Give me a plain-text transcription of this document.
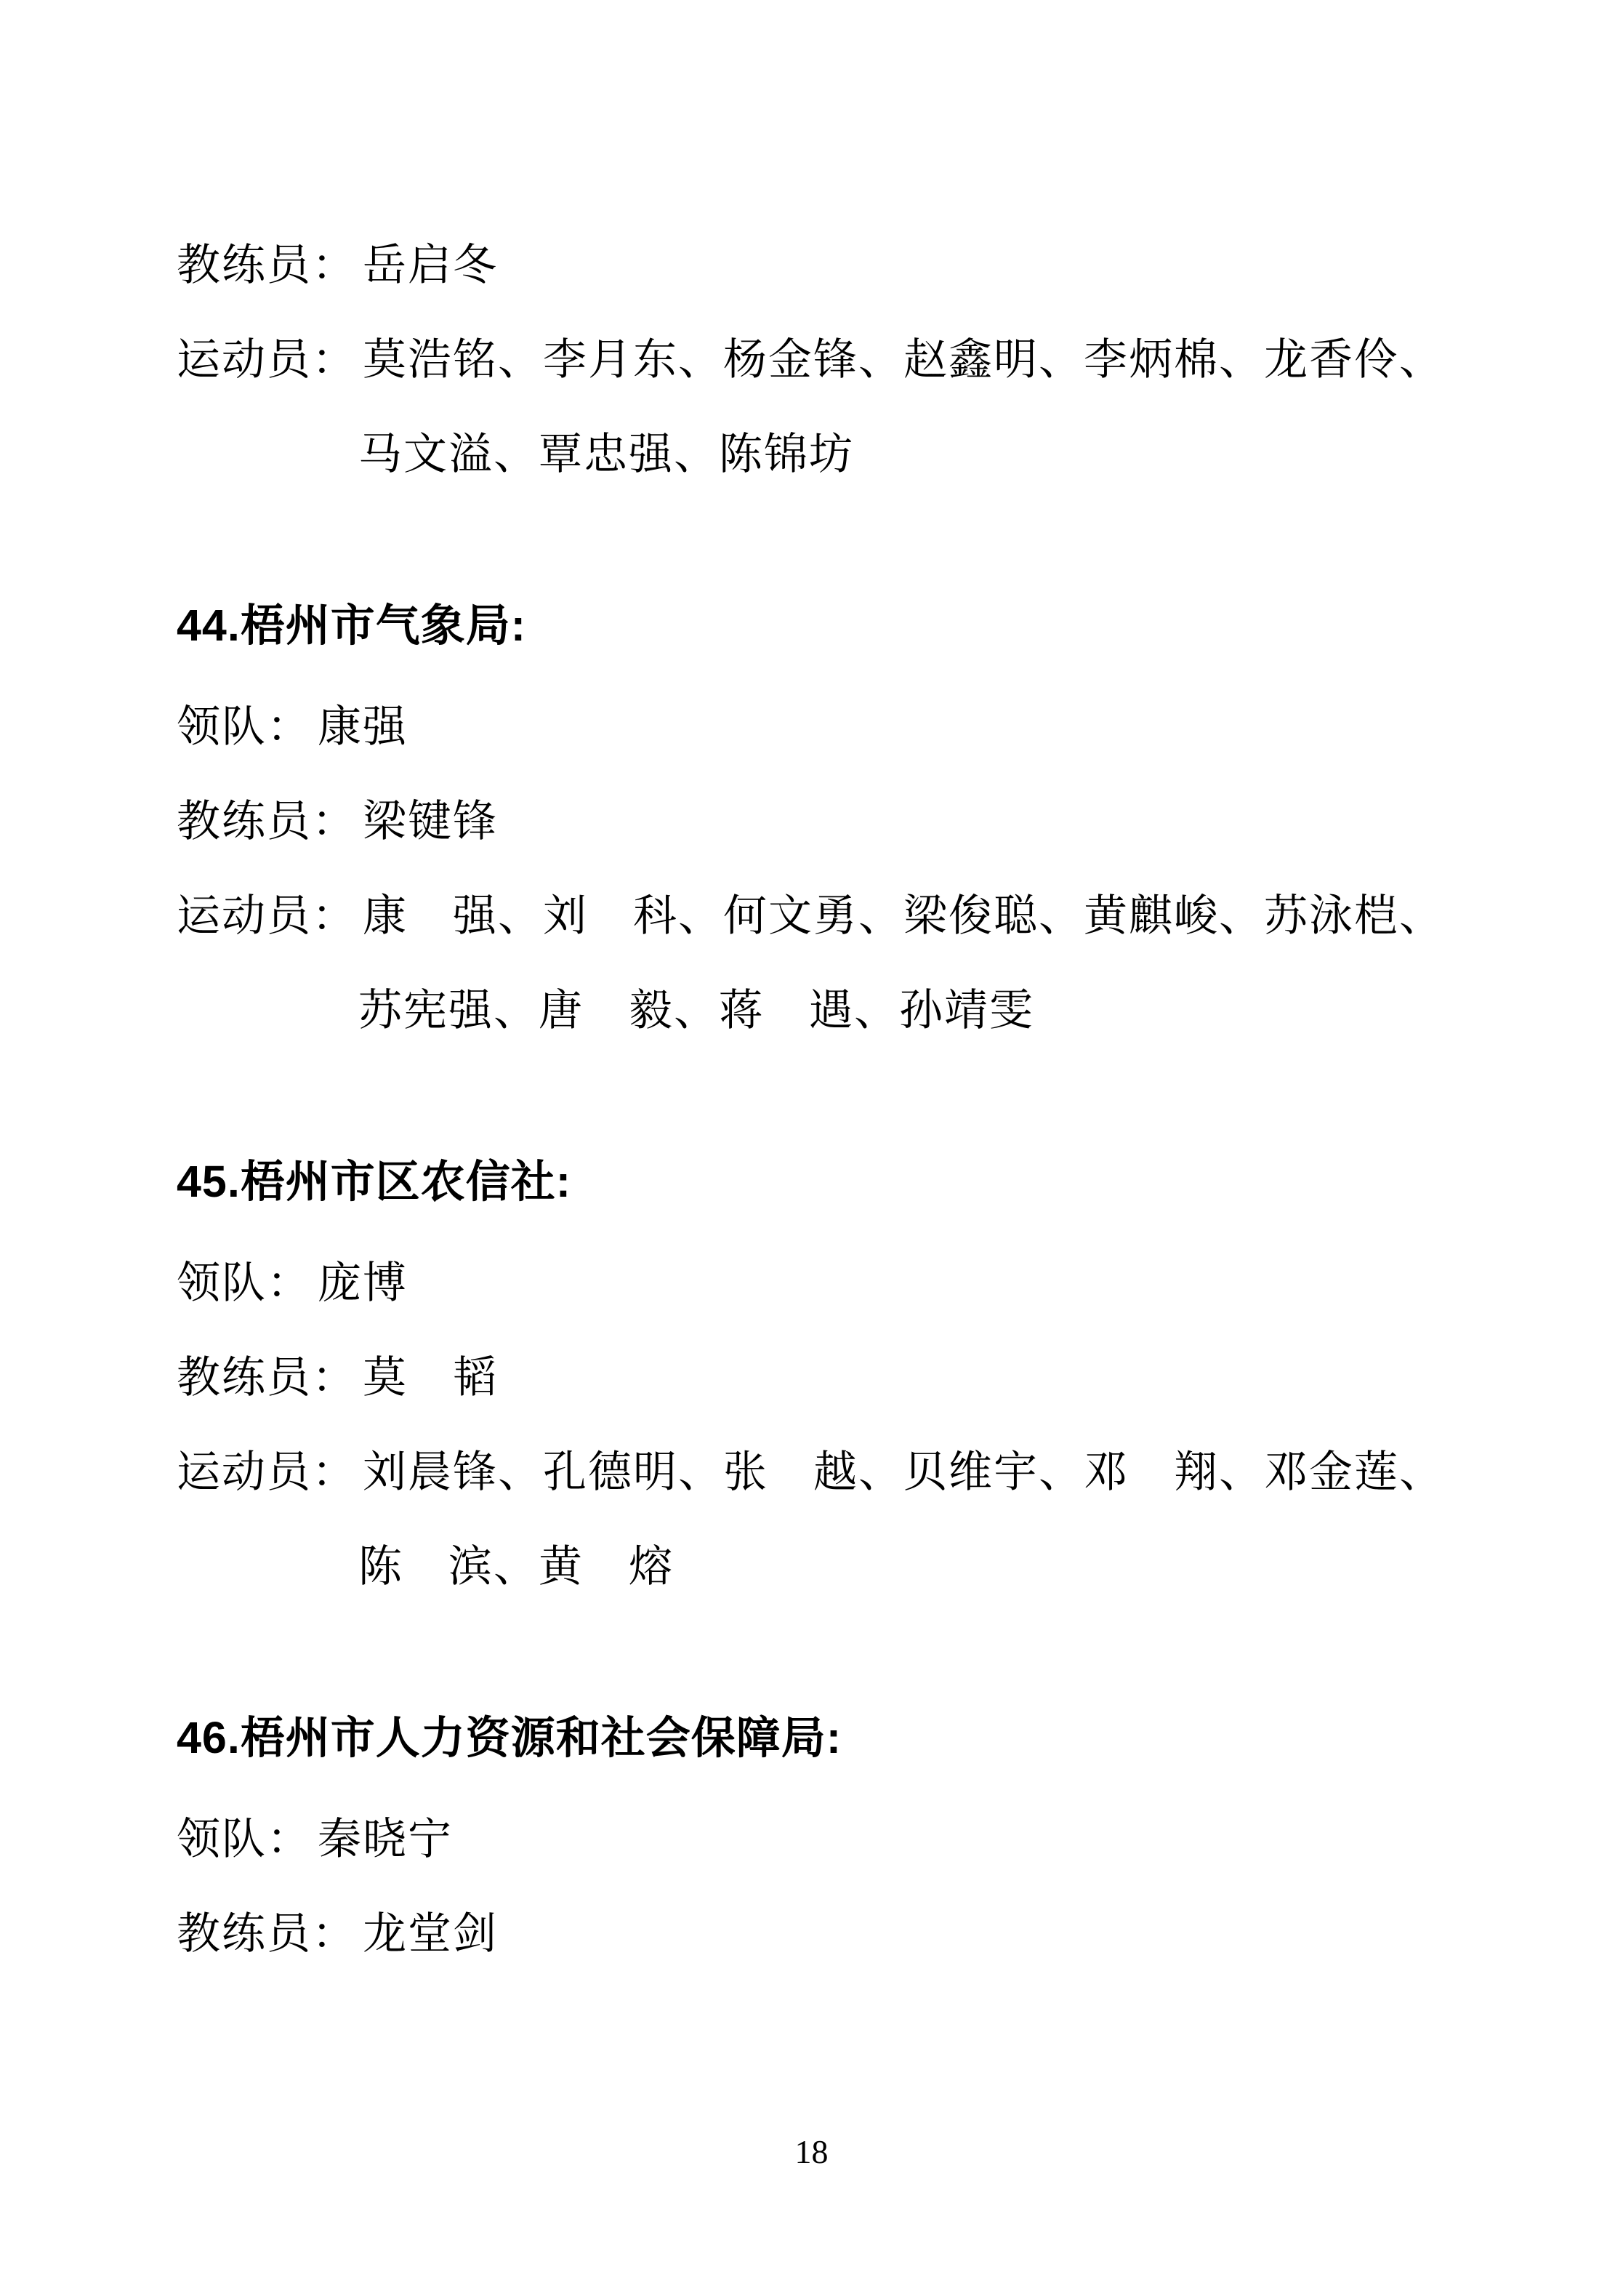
教练员： 岳启冬
运动员： 莫浩铭、李月东、杨金锋、赵鑫明、李炳棉、龙香伶、
马文溢、覃忠强、陈锦坊
44.梧州市气象局:
领队： 康强
教练员： 梁键锋
运动员： 康　强、刘　科、何文勇、梁俊聪、黄麒峻、苏泳桤、
苏宪强、唐　毅、蒋　遇、孙靖雯
45.梧州市区农信社:
领队： 庞博
教练员： 莫　韬
运动员： 刘晨锋、孔德明、张　越、贝维宇、邓　翔、邓金莲、
陈　滨、黄　熔
46.梧州市人力资源和社会保障局:
领队： 秦晓宁
教练员： 龙堂剑
18
